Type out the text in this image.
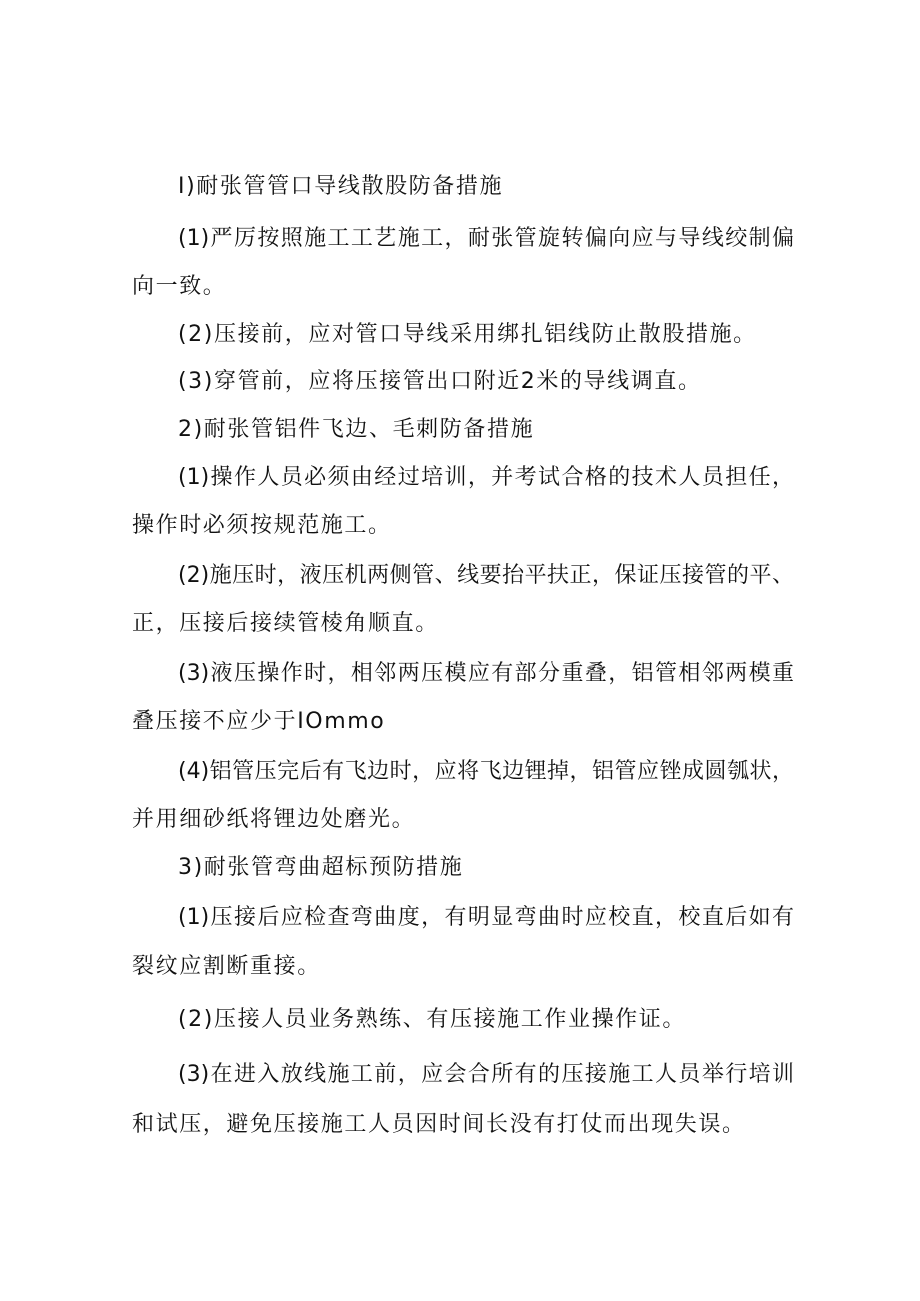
I)耐张管管口导线散股防备措施
(1)严厉按照施工工艺施工，耐张管旋转偏向应与导线绞制偏
向一致。
(2)压接前，应对管口导线采用绑扎铝线防止散股措施。
(3)穿管前，应将压接管出口附近2米的导线调直。
2)耐张管铝件飞边、毛刺防备措施
(1)操作人员必须由经过培训，并考试合格的技术人员担任，
操作时必须按规范施工。
(2)施压时，液压机两侧管、线要抬平扶正，保证压接管的平、
正，压接后接续管棱角顺直。
(3)液压操作时，相邻两压模应有部分重叠，铝管相邻两模重
叠压接不应少于IOmmo
(4)铝管压完后有飞边时，应将飞边锂掉，铝管应锉成圆瓠状，
并用细砂纸将锂边处磨光。
3)耐张管弯曲超标预防措施
(1)压接后应检查弯曲度，有明显弯曲时应校直，校直后如有
裂纹应割断重接。
(2)压接人员业务熟练、有压接施工作业操作证。
(3)在进入放线施工前，应会合所有的压接施工人员举行培训
和试压，避免压接施工人员因时间长没有打仗而出现失误。
